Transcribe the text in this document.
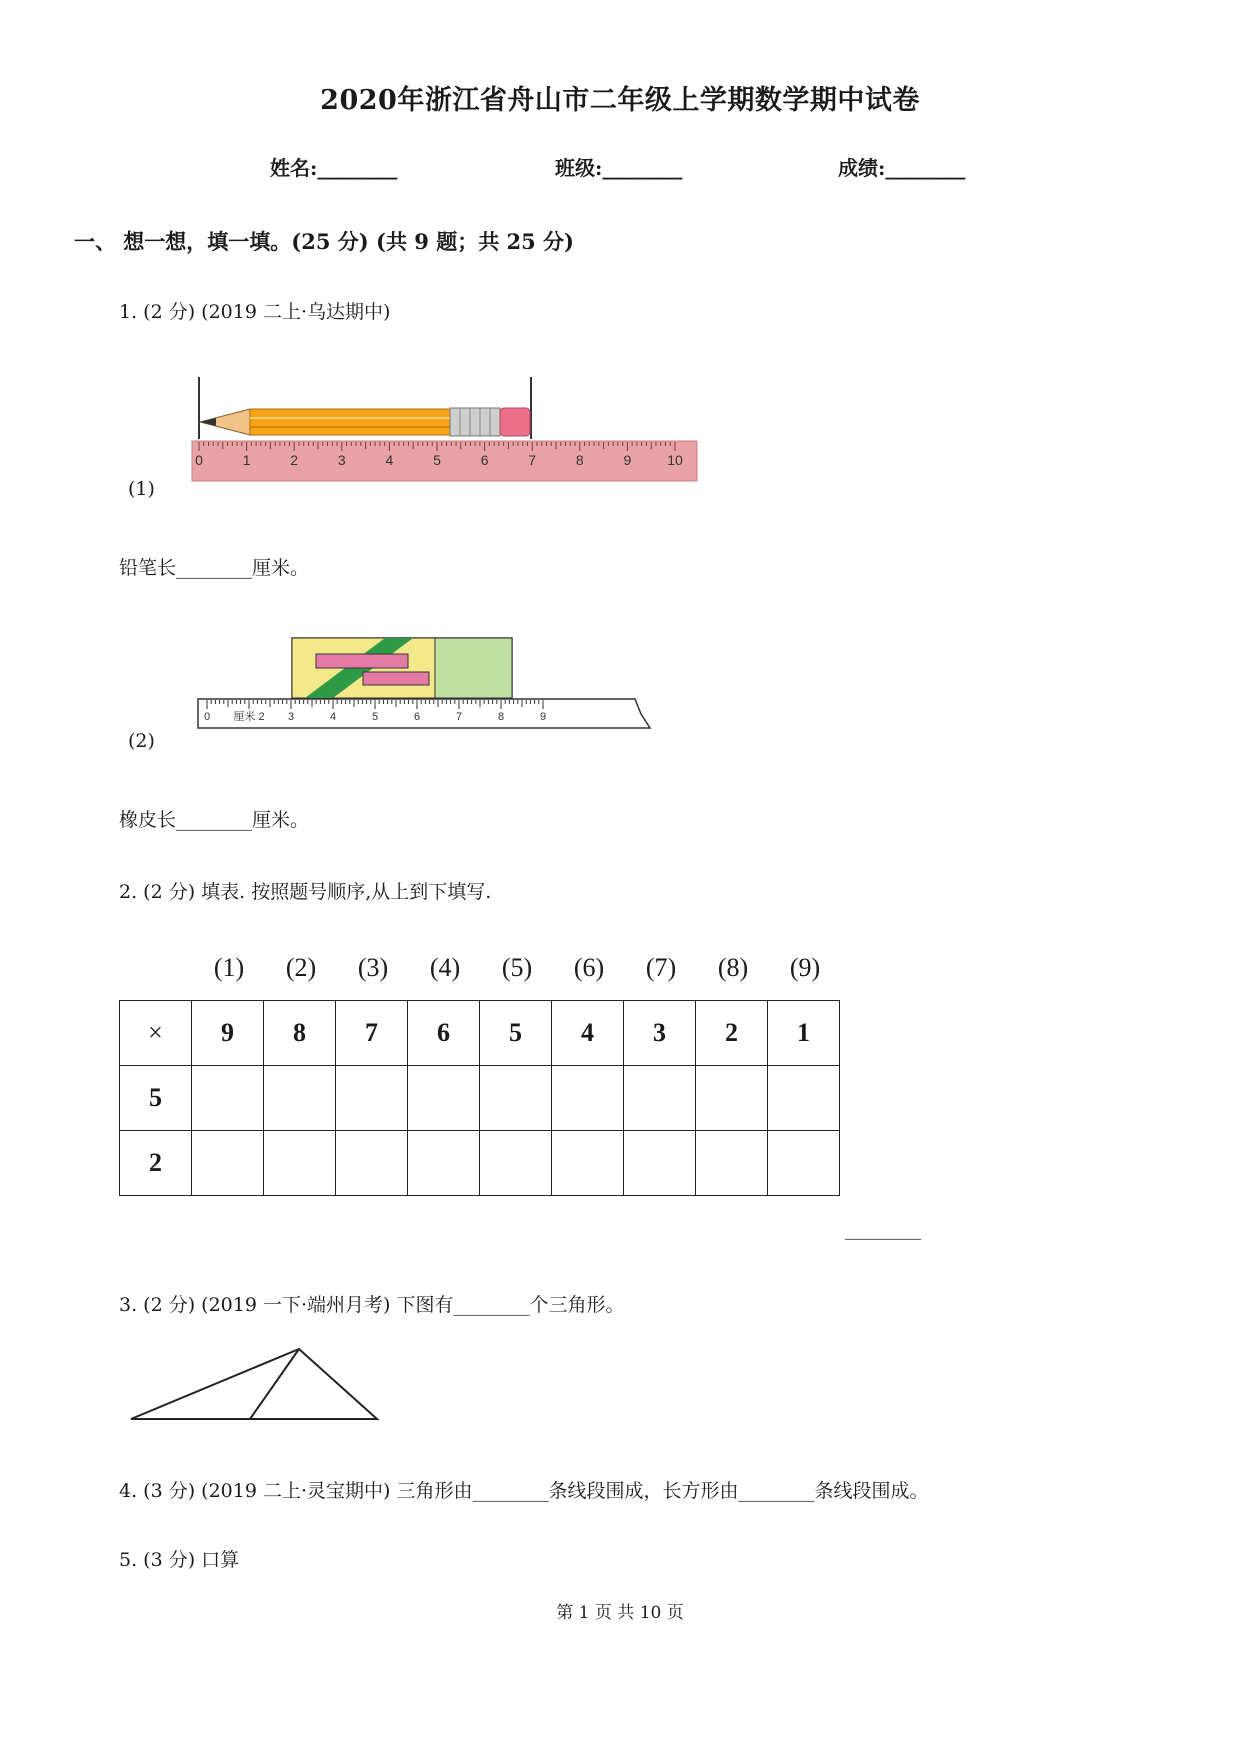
2020年浙江省舟山市二年级上学期数学期中试卷
姓名:________	班级:________	成绩:________
一、 想一想，填一填。(25 分) (共 9 题；共 25 分)
1. (2 分) (2019 二上·乌达期中)
0	1	2	3	4	5	6	7	8	9	10
(1)
铅笔长________厘米。
0 厘米 2 3	4	5	6	7	8	9
(2)
橡皮长________厘米。
2. (2 分) 填表. 按照题号顺序,从上到下填写.
(1)	(2)	(3)	(4)	(5)	(6)	(7)	(8)	(9)
×	9	8	7	6	5	4	3	2	1
5									
2									
________
3. (2 分) (2019 一下·端州月考) 下图有________个三角形。
4. (3 分) (2019 二上·灵宝期中) 三角形由________条线段围成，长方形由________条线段围成。
5. (3 分) 口算
第 1 页 共 10 页
